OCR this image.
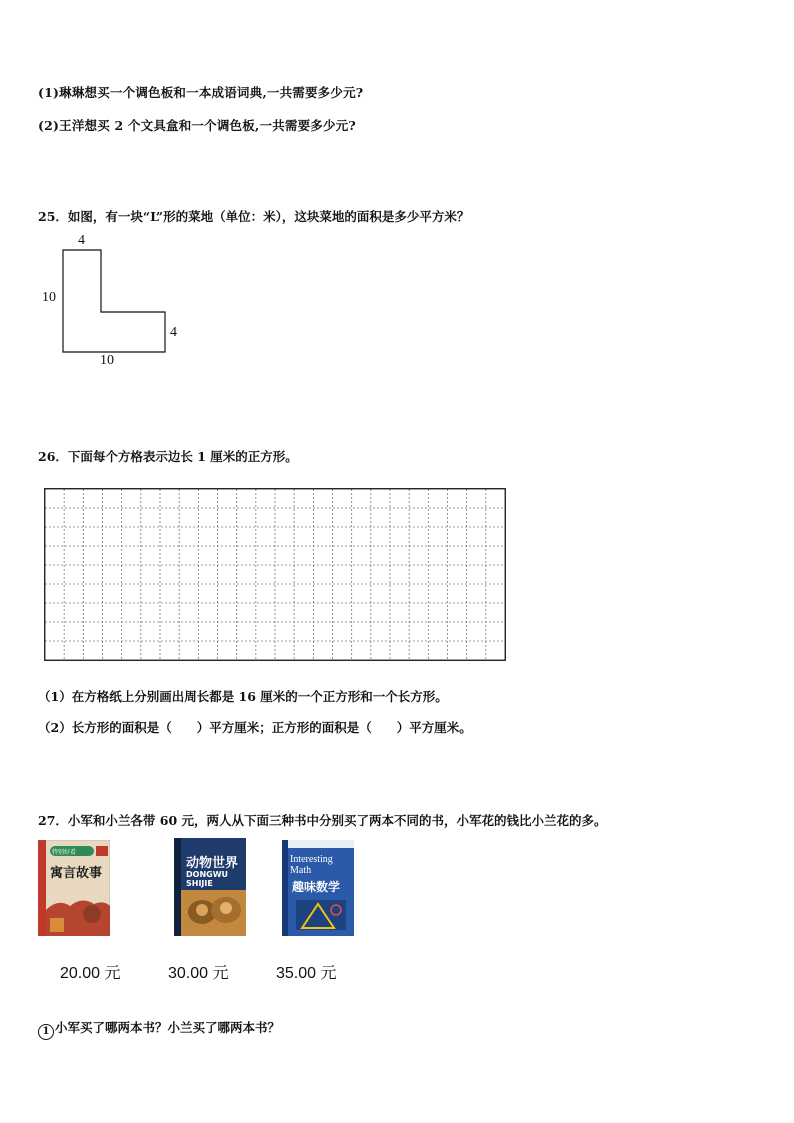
(1)琳琳想买一个调色板和一本成语词典,一共需要多少元?
(2)王洋想买 2 个文具盒和一个调色板,一共需要多少元?
25．如图，有一块“L”形的菜地（单位：米），这块菜地的面积是多少平方米？
4
10
4
10
26．下面每个方格表示边长 1 厘米的正方形。
（1）在方格纸上分别画出周长都是 16 厘米的一个正方形和一个长方形。
（2）长方形的面积是（　　）平方厘米；正方形的面积是（　　）平方厘米。
27．小军和小兰各带 60 元，两人从下面三种书中分别买了两本不同的书，小军花的钱比小兰花的多。
特别好看
寓言故事
动物世界
DONGWU SHIJIE
Interesting Math
趣味数学
20.00 元	30.00 元	35.00 元
1 小军买了哪两本书？小兰买了哪两本书？
